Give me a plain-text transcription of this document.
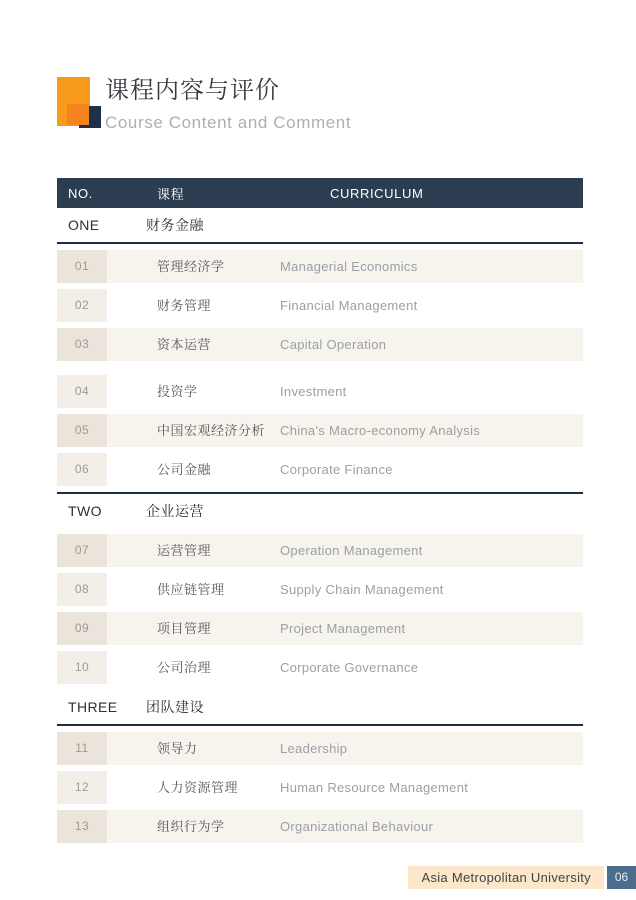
课程内容与评价
Course Content and Comment
NO.	课程	CURRICULUM
ONE	财务金融
01	管理经济学	Managerial Economics
02	财务管理	Financial Management
03	资本运营	Capital Operation
04	投资学	Investment
05	中国宏观经济分析	China's Macro-economy Analysis
06	公司金融	Corporate Finance
TWO	企业运营
07	运营管理	Operation Management
08	供应链管理	Supply Chain Management
09	项目管理	Project Management
10	公司治理	Corporate Governance
THREE	团队建设
11	领导力	Leadership
12	人力资源管理	Human Resource Management
13	组织行为学	Organizational Behaviour
Asia Metropolitan University	06
